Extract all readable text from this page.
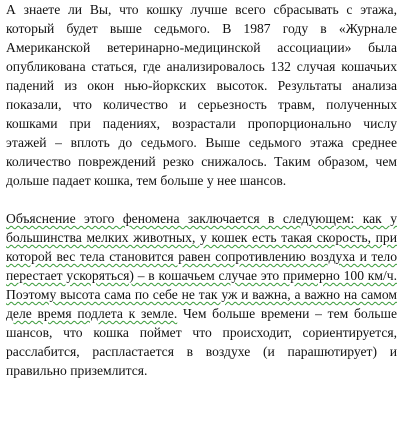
А знаете ли Вы, что кошку лучше всего сбрасывать с этажа, который будет выше седьмого. В 1987 году в «Журнале Американской ветеринарно-медицинской ассоциации» была опубликована статься, где анализировалось 132 случая кошачьих падений из окон нью-йоркских высоток. Результаты анализа показали, что количество и серьезность травм, полученных кошками при падениях, возрастали пропорционально числу этажей – вплоть до седьмого. Выше седьмого этажа среднее количество повреждений резко снижалось. Таким образом, чем дольше падает кошка, тем больше у нее шансов.

Объяснение этого феномена заключается в следующем: как у большинства мелких животных, у кошек есть такая скорость, при которой вес тела становится равен сопротивлению воздуха и тело перестает ускоряться) – в кошачьем случае это примерно 100 км/ч. Поэтому высота сама по себе не так уж и важна, а важно на самом деле время подлета к земле. Чем больше времени – тем больше шансов, что кошка поймет что происходит, сориентируется, расслабится, распластается в воздухе (и парашютирует) и правильно приземлится.
